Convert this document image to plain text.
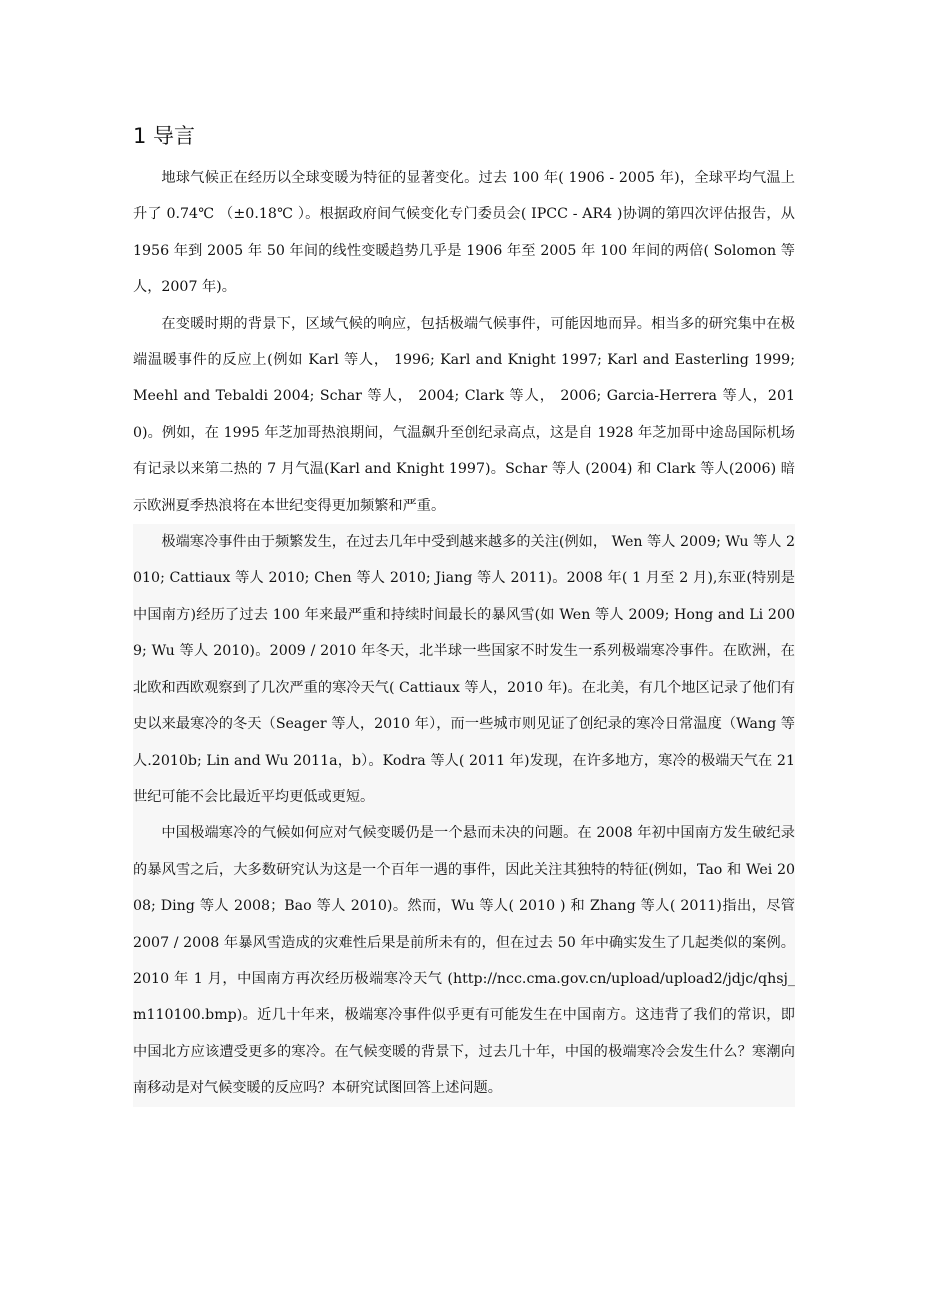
1 导言

地球气候正在经历以全球变暖为特征的显著变化。过去 100 年( 1906 - 2005 年)，全球平均气温上升了 0.74℃ （±0.18℃ ）。根据政府间气候变化专门委员会( IPCC - AR4 )协调的第四次评估报告，从 1956 年到 2005 年 50 年间的线性变暖趋势几乎是 1906 年至 2005 年 100 年间的两倍( Solomon 等人，2007 年)。

在变暖时期的背景下，区域气候的响应，包括极端气候事件，可能因地而异。相当多的研究集中在极端温暖事件的反应上(例如 Karl 等人， 1996; Karl and Knight 1997; Karl and Easterling 1999; Meehl and Tebaldi 2004; Schar 等人， 2004; Clark 等人， 2006; Garcia-Herrera 等人，2010)。例如，在 1995 年芝加哥热浪期间，气温飙升至创纪录高点，这是自 1928 年芝加哥中途岛国际机场有记录以来第二热的 7 月气温(Karl and Knight 1997)。Schar 等人 (2004) 和 Clark 等人(2006) 暗示欧洲夏季热浪将在本世纪变得更加频繁和严重。

极端寒冷事件由于频繁发生，在过去几年中受到越来越多的关注(例如， Wen 等人 2009; Wu 等人 2010; Cattiaux 等人 2010; Chen 等人 2010; Jiang 等人 2011)。2008 年( 1 月至 2 月),东亚(特别是中国南方)经历了过去 100 年来最严重和持续时间最长的暴风雪(如 Wen 等人 2009; Hong and Li 2009; Wu 等人 2010)。2009 / 2010 年冬天，北半球一些国家不时发生一系列极端寒冷事件。在欧洲，在北欧和西欧观察到了几次严重的寒冷天气( Cattiaux 等人，2010 年)。在北美，有几个地区记录了他们有史以来最寒冷的冬天（Seager 等人，2010 年），而一些城市则见证了创纪录的寒冷日常温度（Wang 等人.2010b; Lin and Wu 2011a，b）。Kodra 等人( 2011 年)发现，在许多地方，寒冷的极端天气在 21 世纪可能不会比最近平均更低或更短。

中国极端寒冷的气候如何应对气候变暖仍是一个悬而未决的问题。在 2008 年初中国南方发生破纪录的暴风雪之后，大多数研究认为这是一个百年一遇的事件，因此关注其独特的特征(例如，Tao 和 Wei 2008; Ding 等人 2008；Bao 等人 2010)。然而，Wu 等人( 2010 ) 和 Zhang 等人( 2011)指出，尽管 2007 / 2008 年暴风雪造成的灾难性后果是前所未有的，但在过去 50 年中确实发生了几起类似的案例。2010 年 1 月，中国南方再次经历极端寒冷天气 (http://ncc.cma.gov.cn/upload/upload2/jdjc/qhsj_m110100.bmp)。近几十年来，极端寒冷事件似乎更有可能发生在中国南方。这违背了我们的常识，即中国北方应该遭受更多的寒冷。在气候变暖的背景下，过去几十年，中国的极端寒冷会发生什么？寒潮向南移动是对气候变暖的反应吗？本研究试图回答上述问题。
